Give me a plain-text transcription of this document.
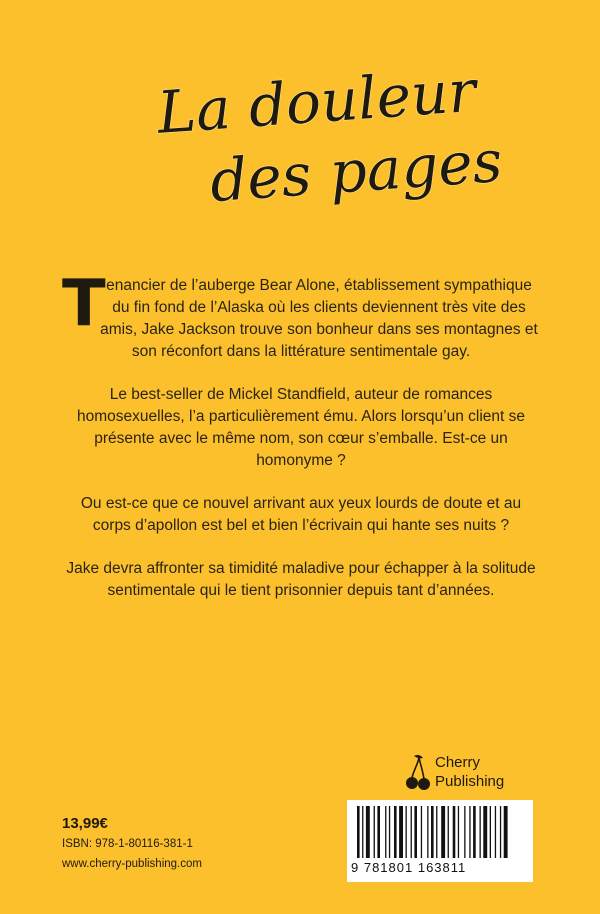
La douleur
des pages

Tenancier de l’auberge Bear Alone, établissement sympathique du fin fond de l’Alaska où les clients deviennent très vite des amis, Jake Jackson trouve son bonheur dans ses montagnes et son réconfort dans la littérature sentimentale gay.

Le best-seller de Mickel Standfield, auteur de romances homosexuelles, l’a particulièrement ému. Alors lorsqu’un client se présente avec le même nom, son cœur s’emballe. Est-ce un homonyme ?

Ou est-ce que ce nouvel arrivant aux yeux lourds de doute et au corps d’apollon est bel et bien l’écrivain qui hante ses nuits ?

Jake devra affronter sa timidité maladive pour échapper à la solitude sentimentale qui le tient prisonnier depuis tant d’années.

Cherry
Publishing
13,99€
ISBN: 978-1-80116-381-1
www.cherry-publishing.com	9 781801 163811
